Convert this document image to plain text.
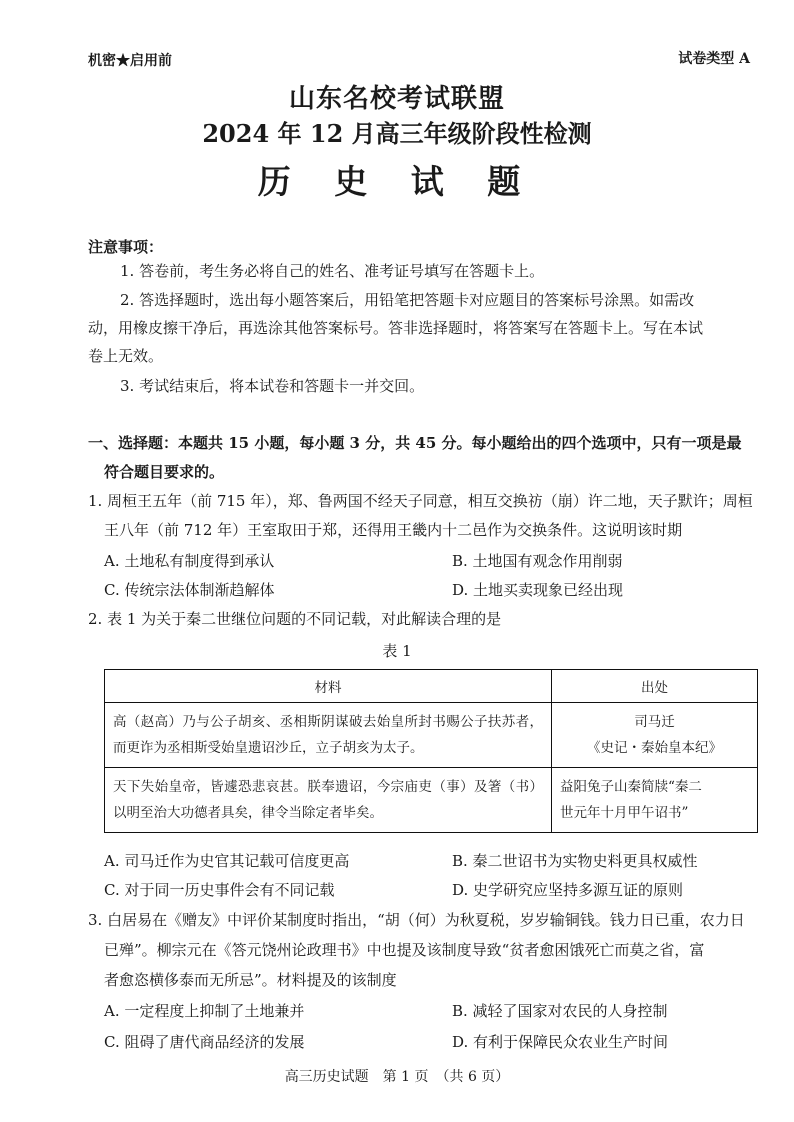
机密★启用前	试卷类型 A
山东名校考试联盟
2024 年 12 月高三年级阶段性检测
历 史 试 题
注意事项：
1. 答卷前，考生务必将自己的姓名、准考证号填写在答题卡上。
2. 答选择题时，选出每小题答案后，用铅笔把答题卡对应题目的答案标号涂黑。如需改
动，用橡皮擦干净后，再选涂其他答案标号。答非选择题时，将答案写在答题卡上。写在本试
卷上无效。
3. 考试结束后，将本试卷和答题卡一并交回。
一、选择题：本题共 15 小题，每小题 3 分，共 45 分。每小题给出的四个选项中，只有一项是最
符合题目要求的。
1. 周桓王五年（前 715 年），郑、鲁两国不经天子同意，相互交换祊（崩）许二地，天子默许；周桓
王八年（前 712 年）王室取田于郑，还得用王畿内十二邑作为交换条件。这说明该时期
A. 土地私有制度得到承认	B. 土地国有观念作用削弱
C. 传统宗法体制渐趋解体	D. 土地买卖现象已经出现
2. 表 1 为关于秦二世继位问题的不同记载，对此解读合理的是
表 1
材料	出处
高（赵高）乃与公子胡亥、丞相斯阴谋破去始皇所封书赐公子扶苏者，而更诈为丞相斯受始皇遗诏沙丘，立子胡亥为太子。	司马迁
《史记・秦始皇本纪》

天下失始皇帝，皆遽恐悲哀甚。朕奉遗诏，今宗庙吏（事）及箸（书）以明至治大功德者具矣，律令当除定者毕矣。	益阳兔子山秦简牍“秦二
世元年十月甲午诏书”
A. 司马迁作为史官其记载可信度更高	B. 秦二世诏书为实物史料更具权威性
C. 对于同一历史事件会有不同记载	D. 史学研究应坚持多源互证的原则
3. 白居易在《赠友》中评价某制度时指出，“胡（何）为秋夏税，岁岁输铜钱。钱力日已重，农力日
已殚”。柳宗元在《答元饶州论政理书》中也提及该制度导致“贫者愈困饿死亡而莫之省，富
者愈恣横侈泰而无所忌”。材料提及的该制度
A. 一定程度上抑制了土地兼并	B. 减轻了国家对农民的人身控制
C. 阻碍了唐代商品经济的发展	D. 有利于保障民众农业生产时间
高三历史试题　第 1 页　（共 6 页）
